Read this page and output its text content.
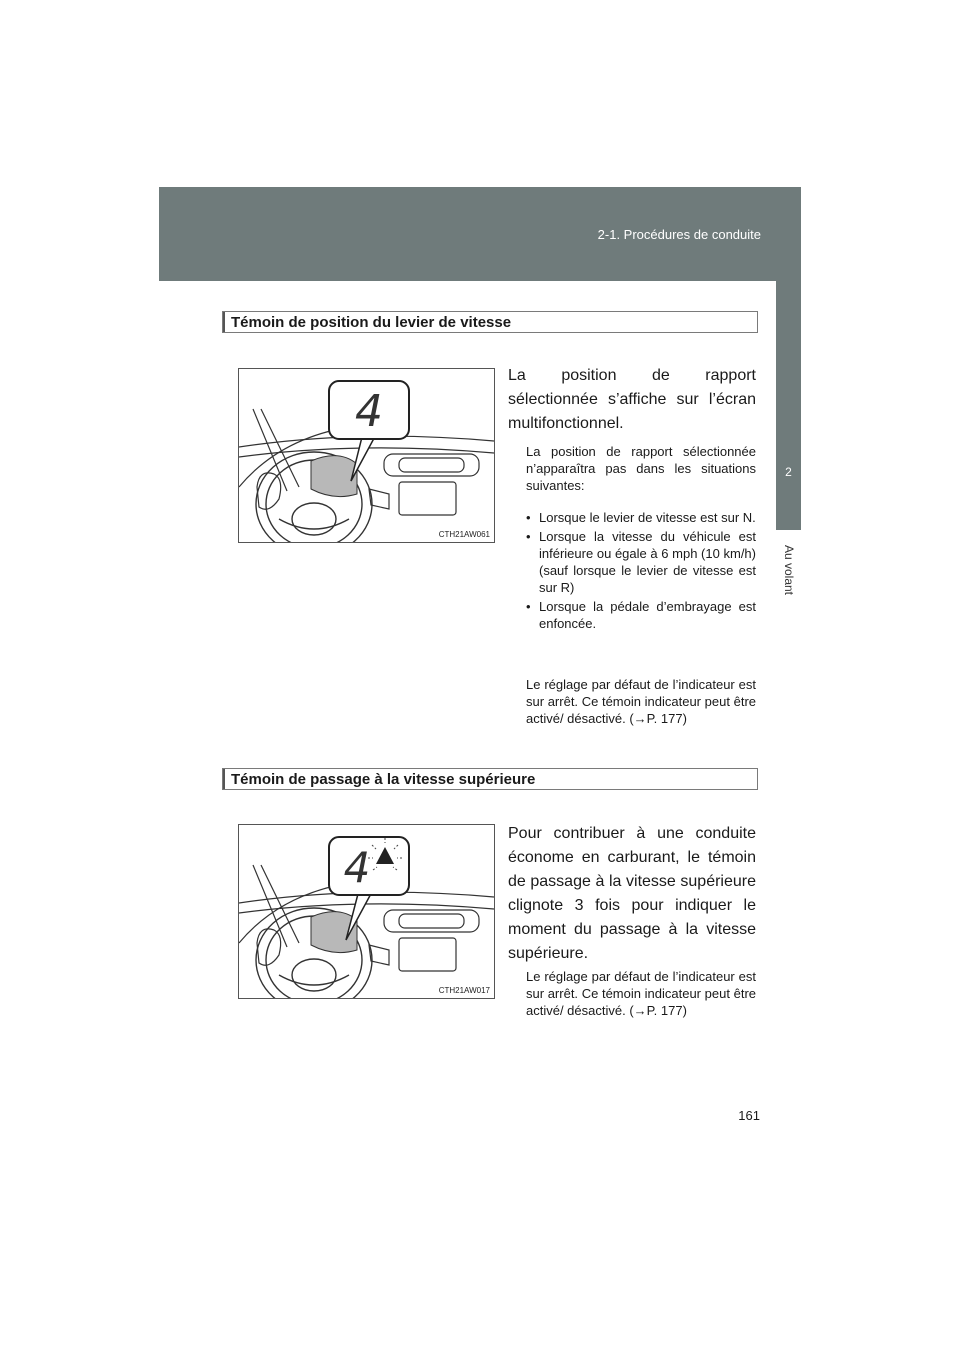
2-1. Procédures de conduite
2
Au volant
Témoin de position du levier de vitesse
4
CTH21AW061
La position de rapport sélectionnée s’affiche sur l’écran multifonctionnel.
La position de rapport sélectionnée n’apparaîtra pas dans les situations suivantes:
• Lorsque le levier de vitesse est sur N.
• Lorsque la vitesse du véhicule est inférieure ou égale à 6 mph (10 km/h) (sauf lorsque le levier de vitesse est sur R)
• Lorsque la pédale d’embrayage est enfoncée.
Le réglage par défaut de l’indicateur est sur arrêt. Ce témoin indicateur peut être activé/ désactivé. (→P. 177)
Témoin de passage à la vitesse supérieure
4
CTH21AW017
Pour contribuer à une conduite économe en carburant, le témoin de passage à la vitesse supérieure clignote 3 fois pour indiquer le moment du passage à la vitesse supérieure.
Le réglage par défaut de l’indicateur est sur arrêt. Ce témoin indicateur peut être activé/ désactivé. (→P. 177)
161
